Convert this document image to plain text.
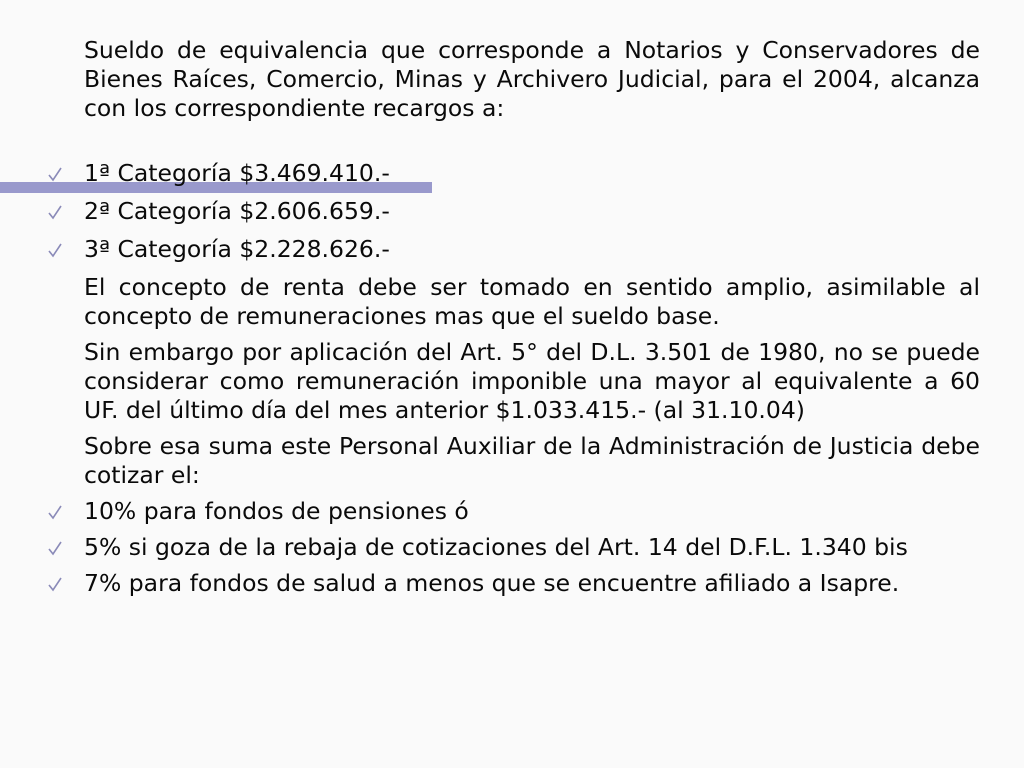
Sueldo de equivalencia que corresponde a Notarios y Conservadores de Bienes Raíces, Comercio, Minas y Archivero Judicial, para el 2004, alcanza con los correspondiente recargos a:

1ª Categoría $3.469.410.-
2ª Categoría $2.606.659.-
3ª Categoría $2.228.626.-

El concepto de renta debe ser tomado en sentido amplio, asimilable al concepto de remuneraciones mas que el sueldo base.

Sin embargo por aplicación del Art. 5° del D.L. 3.501 de 1980, no se puede considerar como remuneración imponible una mayor al equivalente a 60 UF. del último día del mes anterior $1.033.415.- (al 31.10.04)

Sobre esa suma este Personal Auxiliar de la Administración de Justicia debe cotizar el:

10% para fondos de pensiones ó
5% si goza de la rebaja de cotizaciones del Art. 14 del D.F.L. 1.340 bis
7% para fondos de salud a menos que se encuentre afiliado a Isapre.
